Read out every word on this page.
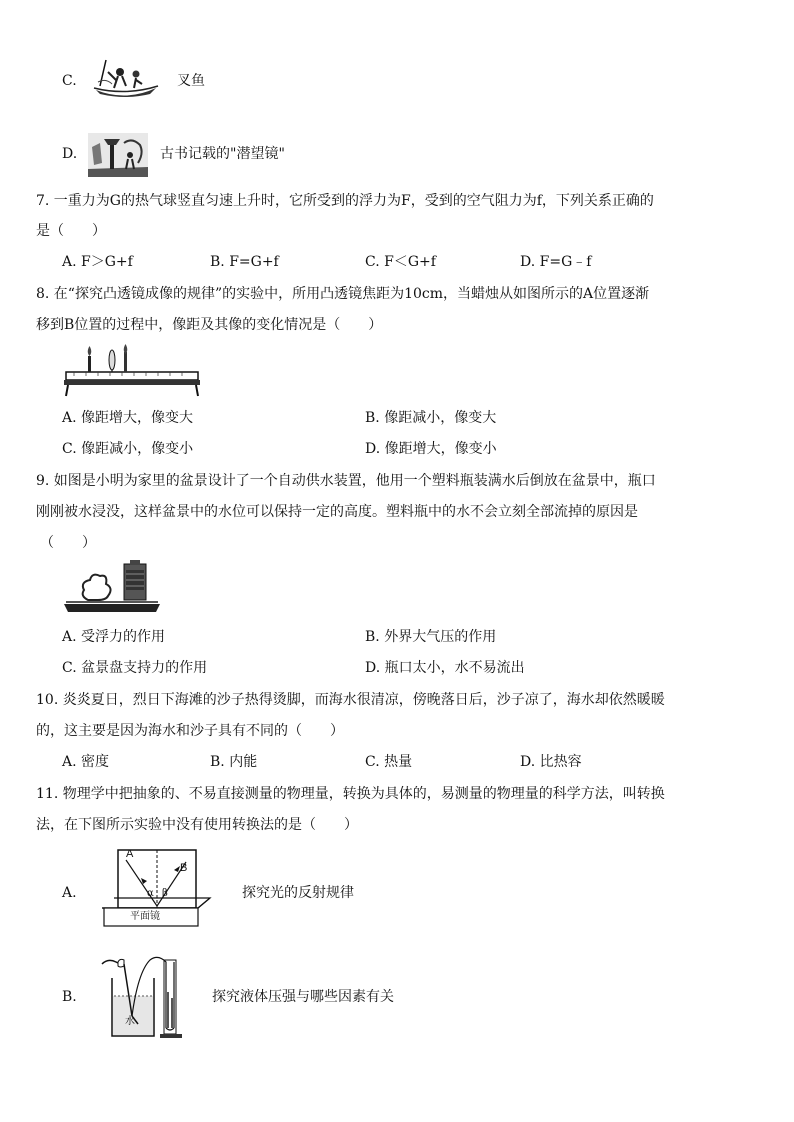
C.	叉鱼
D.	古书记载的"潜望镜"
7. 一重力为G的热气球竖直匀速上升时，它所受到的浮力为F，受到的空气阻力为f，下列关系正确的
是（　　）
A. F＞G+f	B. F=G+f	C. F＜G+f	D. F=G﹣f
8. 在“探究凸透镜成像的规律”的实验中，所用凸透镜焦距为10cm，当蜡烛从如图所示的A位置逐渐
移到B位置的过程中，像距及其像的变化情况是（　　）
A. 像距增大，像变大	B. 像距减小，像变大
C. 像距减小，像变小	D. 像距增大，像变小
9. 如图是小明为家里的盆景设计了一个自动供水装置，他用一个塑料瓶装满水后倒放在盆景中，瓶口
刚刚被水浸没，这样盆景中的水位可以保持一定的高度。塑料瓶中的水不会立刻全部流掉的原因是
（　　）
A. 受浮力的作用	B. 外界大气压的作用
C. 盆景盘支持力的作用	D. 瓶口太小，水不易流出
10. 炎炎夏日，烈日下海滩的沙子热得烫脚，而海水很清凉，傍晚落日后，沙子凉了，海水却依然暖暖
的，这主要是因为海水和沙子具有不同的（　　）
A. 密度	B. 内能	C. 热量	D. 比热容
11. 物理学中把抽象的、不易直接测量的物理量，转换为具体的，易测量的物理量的科学方法，叫转换
法，在下图所示实验中没有使用转换法的是（　　）
A.
A
B
α β
平面镜
探究光的反射规律
B.
水
探究液体压强与哪些因素有关
